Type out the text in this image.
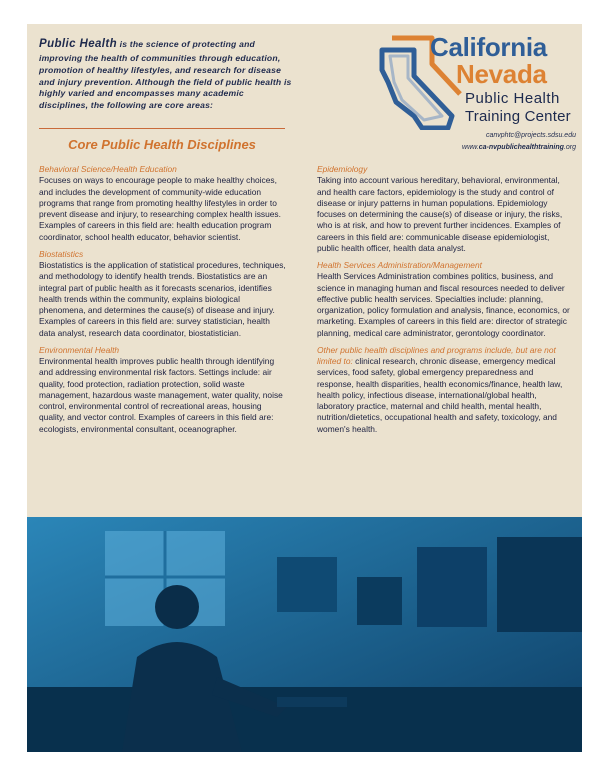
Public Health is the science of protecting and improving the health of communities through education, promotion of healthy lifestyles, and research for disease and injury prevention. Although the field of public health is highly varied and encompasses many academic disciplines, the following are core areas:
California
Nevada
Public Health
Training Center
canvphtc@projects.sdsu.edu
www.ca-nvpublichealthtraining.org
Core Public Health Disciplines

Behavioral Science/Health Education

Focuses on ways to encourage people to make healthy choices, and includes the development of community-wide education programs that range from promoting healthy lifestyles in order to prevent disease and injury, to researching complex health issues. Examples of careers in this field are: health education program coordinator, school health educator, behavior scientist.

Biostatistics

Biostatistics is the application of statistical procedures, techniques, and methodology to identify health trends. Biostatistics are an integral part of public health as it forecasts scenarios, identifies health trends within the community, explains biological phenomena, and determines the cause(s) of disease and injury. Examples of careers in this field are: survey statistician, health data analyst, research data coordinator, biostatistician.

Environmental Health

Environmental health improves public health through identifying and addressing environmental risk factors. Settings include: air quality, food protection, radiation protection, solid waste management, hazardous waste management, water quality, noise control, environmental control of recreational areas, housing quality, and vector control. Examples of careers in this field are: ecologists, environmental consultant, oceanographer.

Epidemiology

Taking into account various hereditary, behavioral, environmental, and health care factors, epidemiology is the study and control of disease or injury patterns in human populations. Epidemiology focuses on determining the cause(s) of disease or injury, the risks, who is at risk, and how to prevent further incidences. Examples of careers in this field are: communicable disease epidemiologist, public health officer, health data analyst.

Health Services Administration/Management

Health Services Administration combines politics, business, and science in managing human and fiscal resources needed to deliver effective public health services. Specialties include: planning, organization, policy formulation and analysis, finance, economics, or marketing. Examples of careers in this field are: director of strategic planning, medical care administrator, gerontology coordinator.

Other public health disciplines and programs include, but are not limited to: clinical research, chronic disease, emergency medical services, food safety, global emergency preparedness and response, health disparities, health economics/finance, health law, health policy, infectious disease, international/global health, laboratory practice, maternal and child health, mental health, nutrition/dietetics, occupational health and safety, toxicology, and women's health.
